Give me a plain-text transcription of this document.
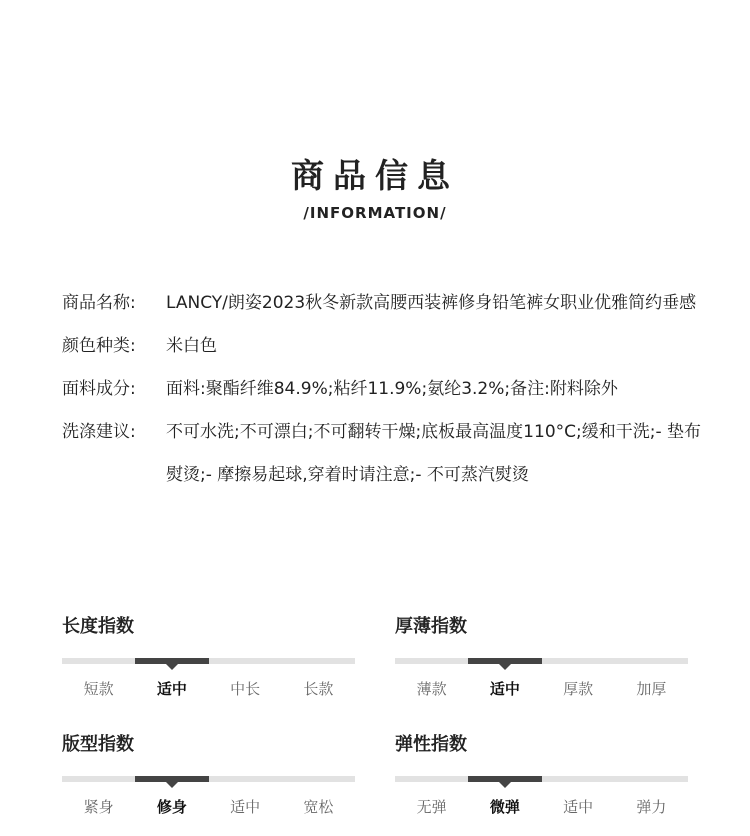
商品信息
/INFORMATION/
商品名称:	LANCY/朗姿2023秋冬新款高腰西装裤修身铅笔裤女职业优雅简约垂感
颜色种类:	米白色
面料成分:	面料:聚酯纤维84.9%;粘纤11.9%;氨纶3.2%;备注:附料除外
洗涤建议:	不可水洗;不可漂白;不可翻转干燥;底板最高温度110°C;缓和干洗;- 垫布熨烫;- 摩擦易起球,穿着时请注意;- 不可蒸汽熨烫
长度指数
短款	适中	中长	长款
厚薄指数
薄款	适中	厚款	加厚
版型指数
紧身	修身	适中	宽松
弹性指数
无弹	微弹	适中	弹力
